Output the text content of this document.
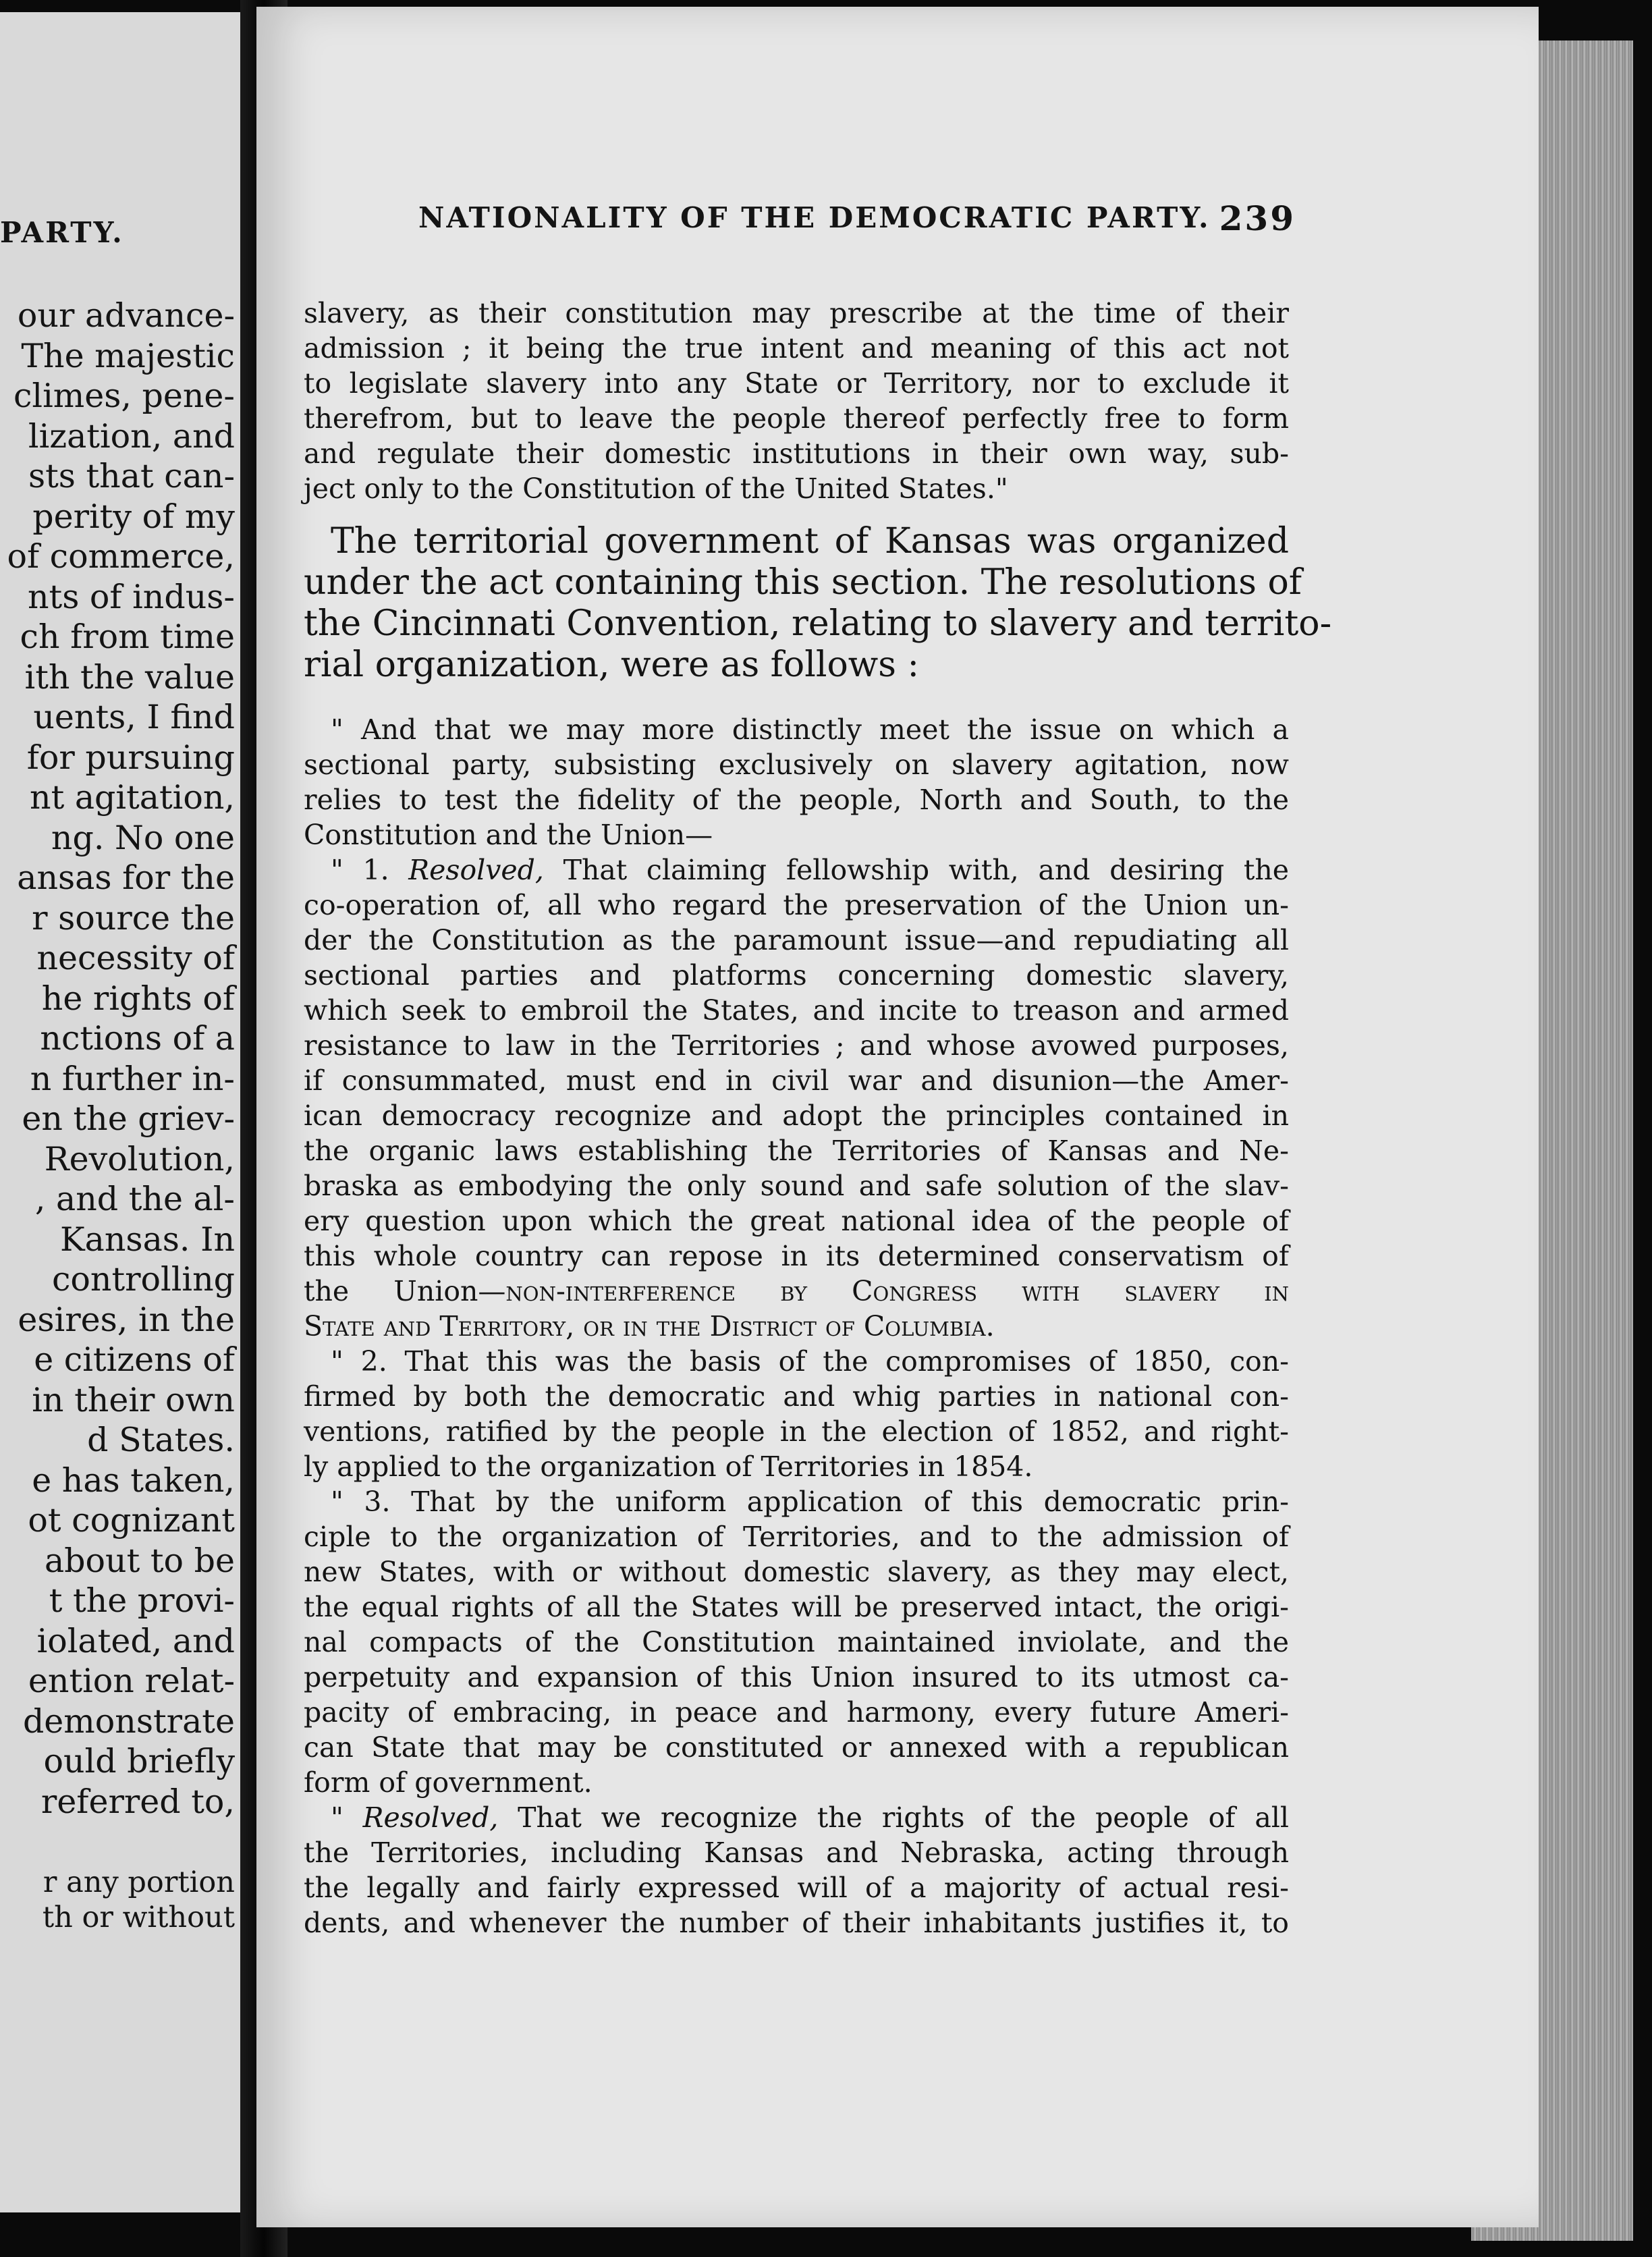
PARTY.
our advance-
The majestic
climes, pene-
lization, and
sts that can-
perity of my
of commerce,
nts of indus-
ch from time
ith the value
uents, I find
for pursuing
nt agitation,
ng. No one
ansas for the
r source the
necessity of
he rights of
nctions of a
n further in-
en the griev-
Revolution,
, and the al-
Kansas. In
controlling
esires, in the
e citizens of
in their own
d States.
e has taken,
ot cognizant
about to be
t the provi-
iolated, and
ention relat-
demonstrate
ould briefly
referred to,
r any portion
th or without
NATIONALITY OF THE DEMOCRATIC PARTY. 239
slavery, as their constitution may prescribe at the time of their
admission ; it being the true intent and meaning of this act not
to legislate slavery into any State or Territory, nor to exclude it
therefrom, but to leave the people thereof perfectly free to form
and regulate their domestic institutions in their own way, sub-
ject only to the Constitution of the United States."
The territorial government of Kansas was organized
under the act containing this section. The resolutions of
the Cincinnati Convention, relating to slavery and territo-
rial organization, were as follows :
" And that we may more distinctly meet the issue on which a
sectional party, subsisting exclusively on slavery agitation, now
relies to test the fidelity of the people, North and South, to the
Constitution and the Union—
" 1. Resolved, That claiming fellowship with, and desiring the
co-operation of, all who regard the preservation of the Union un-
der the Constitution as the paramount issue—and repudiating all
sectional parties and platforms concerning domestic slavery,
which seek to embroil the States, and incite to treason and armed
resistance to law in the Territories ; and whose avowed purposes,
if consummated, must end in civil war and disunion—the Amer-
ican democracy recognize and adopt the principles contained in
the organic laws establishing the Territories of Kansas and Ne-
braska as embodying the only sound and safe solution of the slav-
ery question upon which the great national idea of the people of
this whole country can repose in its determined conservatism of
the Union—non-interference by Congress with slavery in
State and Territory, or in the District of Columbia.
" 2. That this was the basis of the compromises of 1850, con-
firmed by both the democratic and whig parties in national con-
ventions, ratified by the people in the election of 1852, and right-
ly applied to the organization of Territories in 1854.
" 3. That by the uniform application of this democratic prin-
ciple to the organization of Territories, and to the admission of
new States, with or without domestic slavery, as they may elect,
the equal rights of all the States will be preserved intact, the origi-
nal compacts of the Constitution maintained inviolate, and the
perpetuity and expansion of this Union insured to its utmost ca-
pacity of embracing, in peace and harmony, every future Ameri-
can State that may be constituted or annexed with a republican
form of government.
" Resolved, That we recognize the rights of the people of all
the Territories, including Kansas and Nebraska, acting through
the legally and fairly expressed will of a majority of actual resi-
dents, and whenever the number of their inhabitants justifies it, to
